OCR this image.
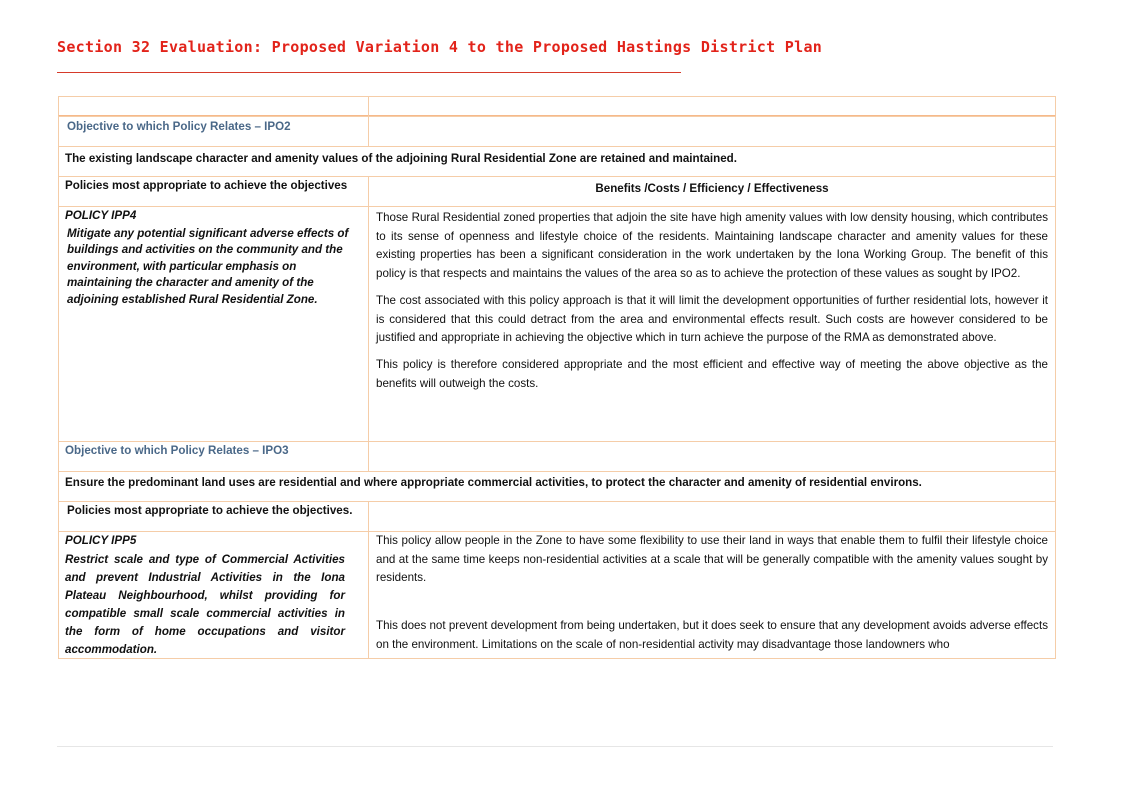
Section 32 Evaluation: Proposed Variation 4 to the Proposed Hastings District Plan
Objective to which Policy Relates – IPO2
The existing landscape character and amenity values of the adjoining Rural Residential Zone are retained and maintained.
Policies most appropriate to achieve the objectives	Benefits /Costs / Efficiency / Effectiveness
POLICY IPP4
Mitigate any potential significant adverse effects of buildings and activities on the community and the environment, with particular emphasis on maintaining the character and amenity of the adjoining established Rural Residential Zone.

Those Rural Residential zoned properties that adjoin the site have high amenity values with low density housing, which contributes to its sense of openness and lifestyle choice of the residents. Maintaining landscape character and amenity values for these existing properties has been a significant consideration in the work undertaken by the Iona Working Group. The benefit of this policy is that respects and maintains the values of the area so as to achieve the protection of these values as sought by IPO2.

The cost associated with this policy approach is that it will limit the development opportunities of further residential lots, however it is considered that this could detract from the area and environmental effects result. Such costs are however considered to be justified and appropriate in achieving the objective which in turn achieve the purpose of the RMA as demonstrated above.

This policy is therefore considered appropriate and the most efficient and effective way of meeting the above objective as the benefits will outweigh the costs.

Objective to which Policy Relates – IPO3
Ensure the predominant land uses are residential and where appropriate commercial activities, to protect the character and amenity of residential environs.
Policies most appropriate to achieve the objectives.
POLICY IPP5
Restrict scale and type of Commercial Activities and prevent Industrial Activities in the Iona Plateau Neighbourhood, whilst providing for compatible small scale commercial activities in the form of home occupations and visitor accommodation.

This policy allow people in the Zone to have some flexibility to use their land in ways that enable them to fulfil their lifestyle choice and at the same time keeps non-residential activities at a scale that will be generally compatible with the amenity values sought by residents.

This does not prevent development from being undertaken, but it does seek to ensure that any development avoids adverse effects on the environment. Limitations on the scale of non-residential activity may disadvantage those landowners who
